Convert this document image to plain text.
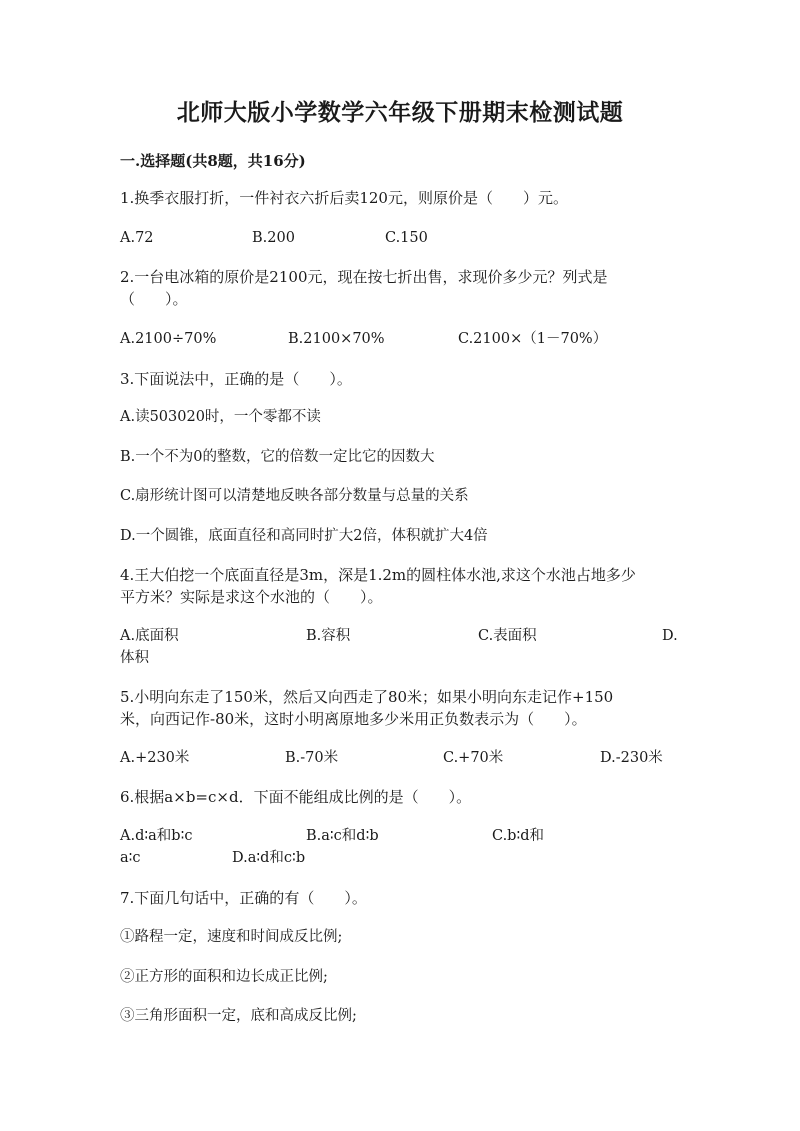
北师大版小学数学六年级下册期末检测试题
一.选择题(共8题，共16分)
1.换季衣服打折，一件衬衣六折后卖120元，则原价是（　　）元。
A.72	B.200	C.150
2.一台电冰箱的原价是2100元，现在按七折出售，求现价多少元？列式是
（　　）。
A.2100÷70%	B.2100×70%	C.2100×（1－70%）
3.下面说法中，正确的是（　　）。
A.读503020时，一个零都不读
B.一个不为0的整数，它的倍数一定比它的因数大
C.扇形统计图可以清楚地反映各部分数量与总量的关系
D.一个圆锥，底面直径和高同时扩大2倍，体积就扩大4倍
4.王大伯挖一个底面直径是3m，深是1.2m的圆柱体水池,求这个水池占地多少
平方米？实际是求这个水池的（　　）。
A.底面积	B.容积	C.表面积	D.
体积
5.小明向东走了150米，然后又向西走了80米；如果小明向东走记作+150
米，向西记作-80米，这时小明离原地多少米用正负数表示为（　　）。
A.+230米	B.-70米	C.+70米	D.-230米
6.根据a×b=c×d．下面不能组成比例的是（　　）。
A.d∶a和b∶c	B.a∶c和d∶b	C.b∶d和
a∶c	D.a∶d和c∶b
7.下面几句话中，正确的有（　　）。
①路程一定，速度和时间成反比例;
②正方形的面积和边长成正比例;
③三角形面积一定，底和高成反比例;
